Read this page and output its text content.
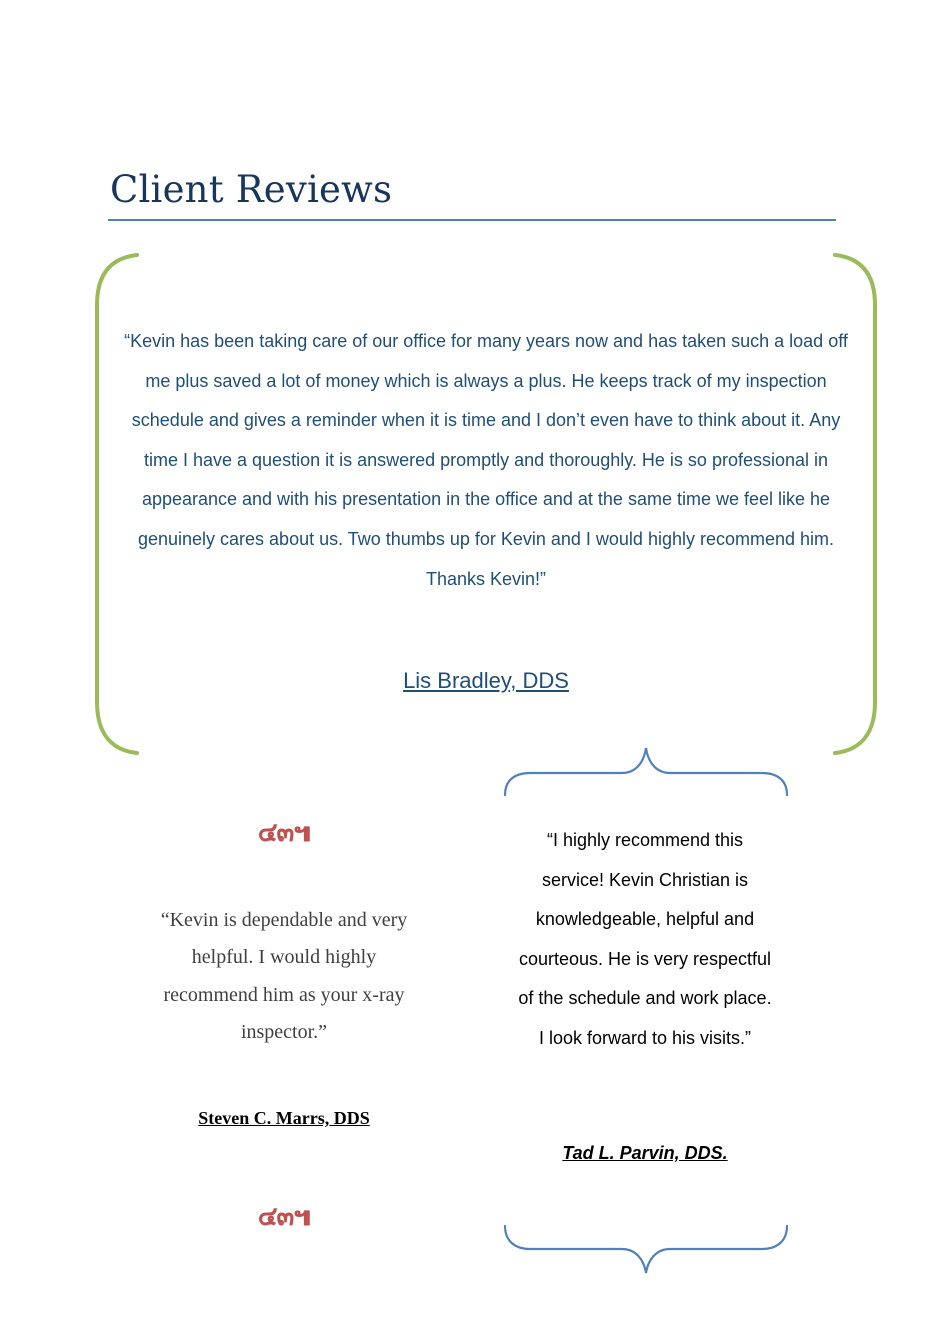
Client Reviews

“Kevin has been taking care of our office for many years now and has taken such a load off me plus saved a lot of money which is always a plus. He keeps track of my inspection schedule and gives a reminder when it is time and I don’t even have to think about it. Any time I have a question it is answered promptly and thoroughly. He is so professional in appearance and with his presentation in the office and at the same time we feel like he genuinely cares about us. Two thumbs up for Kevin and I would highly recommend him. Thanks Kevin!”

Lis Bradley, DDS
๔๓๚

“Kevin is dependable and very helpful. I would highly recommend him as your x-ray inspector.”

Steven C. Marrs, DDS
๔๓๚

“I highly recommend this service! Kevin Christian is knowledgeable, helpful and courteous. He is very respectful of the schedule and work place. I look forward to his visits.”

Tad L. Parvin, DDS.
